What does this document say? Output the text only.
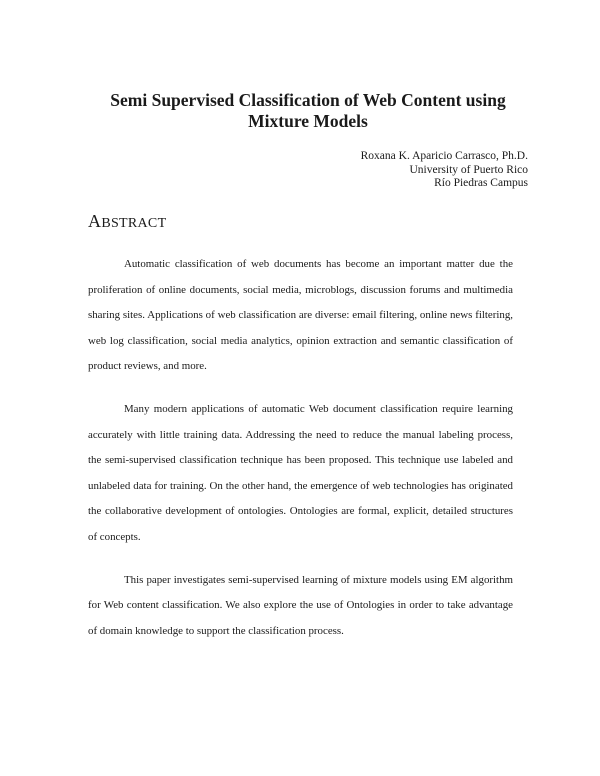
Semi Supervised Classification of Web Content using
Mixture Models
Roxana K. Aparicio Carrasco, Ph.D.
University of Puerto Rico
Río Piedras Campus
ABSTRACT

Automatic classification of web documents has become an important matter due the proliferation of online documents, social media, microblogs, discussion forums and multimedia sharing sites. Applications of web classification are diverse: email filtering, online news filtering, web log classification, social media analytics, opinion extraction and semantic classification of product reviews, and more.

Many modern applications of automatic Web document classification require learning accurately with little training data. Addressing the need to reduce the manual labeling process, the semi-supervised classification technique has been proposed. This technique use labeled and unlabeled data for training. On the other hand, the emergence of web technologies has originated the collaborative development of ontologies. Ontologies are formal, explicit, detailed structures of concepts.

This paper investigates semi-supervised learning of mixture models using EM algorithm for Web content classification. We also explore the use of Ontologies in order to take advantage of domain knowledge to support the classification process.
